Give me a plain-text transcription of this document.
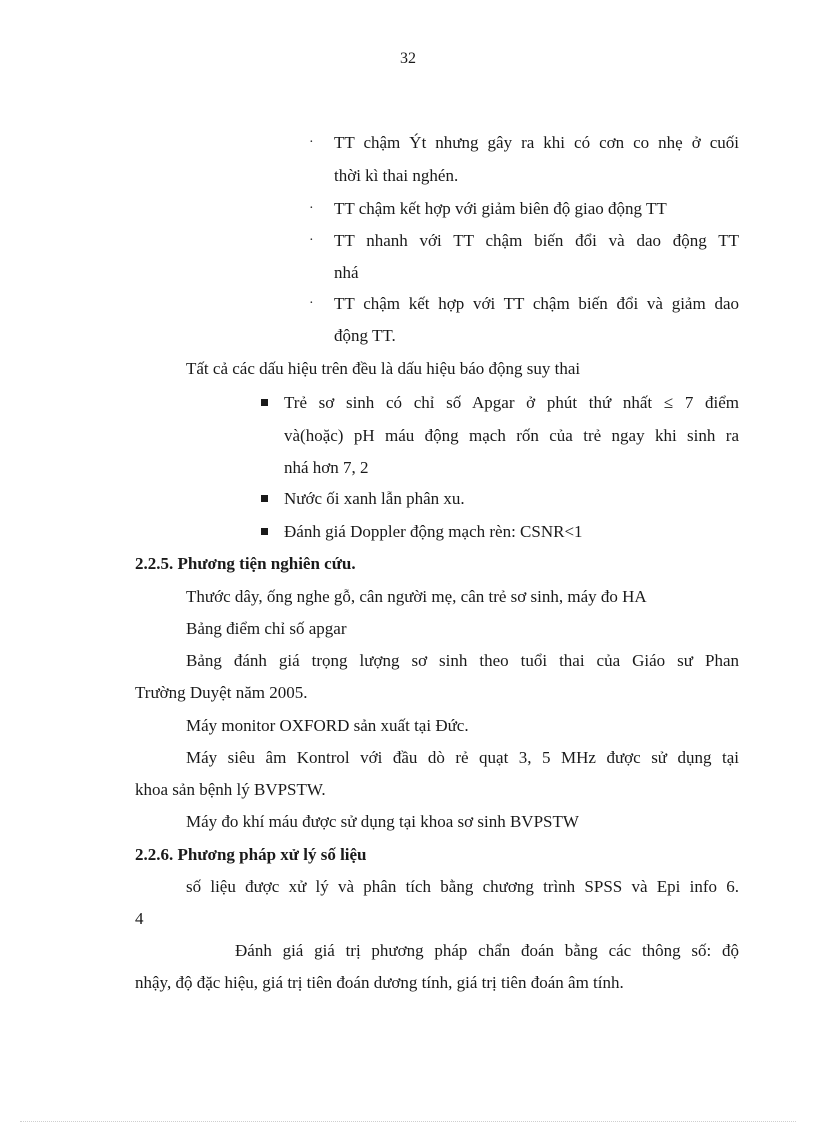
32
· TT chậm Ýt nhưng gây ra khi có cơn co nhẹ ở cuối
thời kì thai nghén.
· TT chậm kết hợp với giảm biên độ giao động TT
· TT nhanh với TT chậm biến đổi và dao động TT
nhá
· TT chậm kết hợp với TT chậm biến đổi và giảm dao
động TT.
Tất cả các dấu hiệu trên đều là dấu hiệu báo động suy thai
Trẻ sơ sinh có chỉ số Apgar ở phút thứ nhất ≤ 7 điểm
và(hoặc) pH máu động mạch rốn của trẻ ngay khi sinh ra
nhá hơn 7, 2
Nước ối xanh lẫn phân xu.
Đánh giá Doppler động mạch rèn: CSNR<1
2.2.5. Phương tiện nghiên cứu.
Thước dây, ống nghe gỗ, cân người mẹ, cân trẻ sơ sinh, máy đo HA
Bảng điểm chỉ số apgar
Bảng đánh giá trọng lượng sơ sinh theo tuổi thai của Giáo sư Phan
Trường Duyệt năm 2005.
Máy monitor OXFORD sản xuất tại Đức.
Máy siêu âm Kontrol với đầu dò rẻ quạt 3, 5 MHz được sử dụng tại
khoa sản bệnh lý BVPSTW.
Máy đo khí máu được sử dụng tại khoa sơ sinh BVPSTW
2.2.6. Phương pháp xử lý số liệu
số liệu được xử lý và phân tích bằng chương trình SPSS và Epi info 6.
4
Đánh giá giá trị phương pháp chẩn đoán bằng các thông số: độ
nhậy, độ đặc hiệu, giá trị tiên đoán dương tính, giá trị tiên đoán âm tính.
